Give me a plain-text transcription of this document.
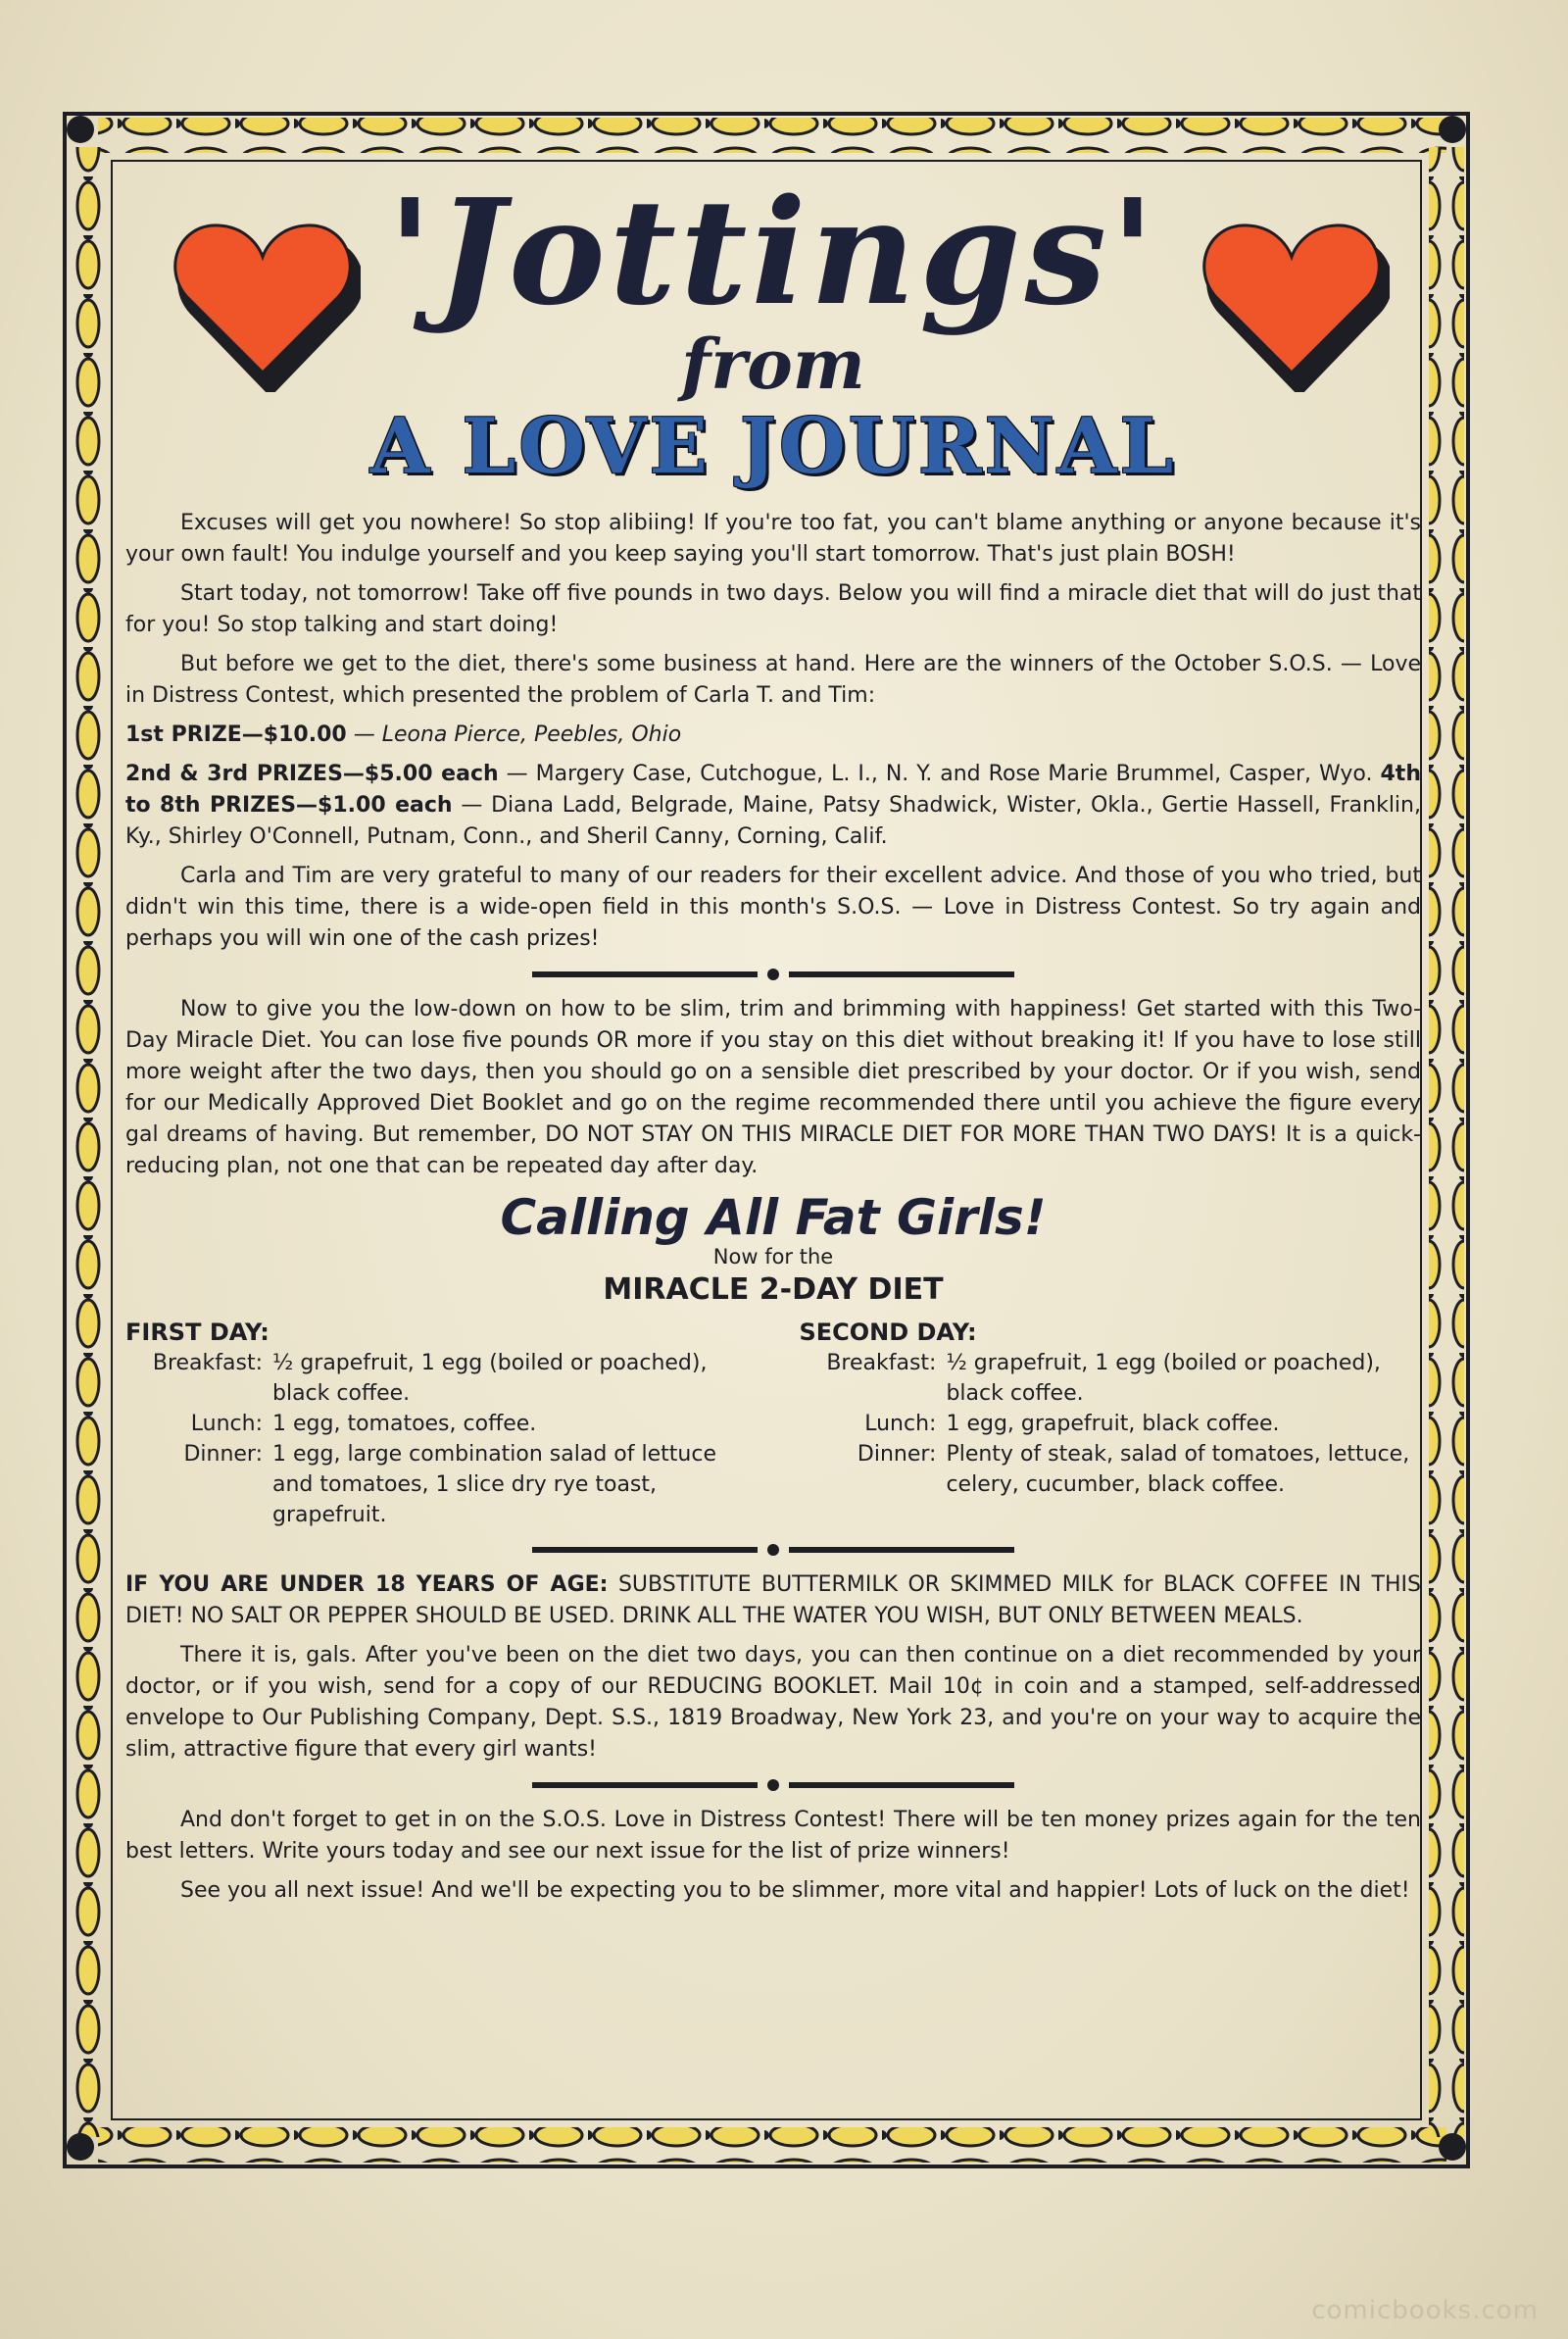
'Jottings'
from
A LOVE JOURNAL

Excuses will get you nowhere! So stop alibiing! If you're too fat, you can't blame anything or anyone because it's your own fault! You indulge yourself and you keep saying you'll start tomorrow. That's just plain BOSH!

Start today, not tomorrow! Take off five pounds in two days. Below you will find a miracle diet that will do just that for you! So stop talking and start doing!

But before we get to the diet, there's some business at hand. Here are the winners of the October S.O.S. — Love in Distress Contest, which presented the problem of Carla T. and Tim:

1st PRIZE—$10.00 — Leona Pierce, Peebles, Ohio

2nd & 3rd PRIZES—$5.00 each — Margery Case, Cutchogue, L. I., N. Y. and Rose Marie Brummel, Casper, Wyo. 4th to 8th PRIZES—$1.00 each — Diana Ladd, Belgrade, Maine, Patsy Shadwick, Wister, Okla., Gertie Hassell, Franklin, Ky., Shirley O'Connell, Putnam, Conn., and Sheril Canny, Corning, Calif.

Carla and Tim are very grateful to many of our readers for their excellent advice. And those of you who tried, but didn't win this time, there is a wide-open field in this month's S.O.S. — Love in Distress Contest. So try again and perhaps you will win one of the cash prizes!

Now to give you the low-down on how to be slim, trim and brimming with happiness! Get started with this Two-Day Miracle Diet. You can lose five pounds OR more if you stay on this diet without breaking it! If you have to lose still more weight after the two days, then you should go on a sensible diet prescribed by your doctor. Or if you wish, send for our Medically Approved Diet Booklet and go on the regime recommended there until you achieve the figure every gal dreams of having. But remember, DO NOT STAY ON THIS MIRACLE DIET FOR MORE THAN TWO DAYS! It is a quick-reducing plan, not one that can be repeated day after day.

Calling All Fat Girls!
Now for the
MIRACLE 2-DAY DIET
FIRST DAY:
Breakfast:	½ grapefruit, 1 egg (boiled or poached), black coffee.
Lunch:	1 egg, tomatoes, coffee.
Dinner:	1 egg, large combination salad of lettuce and tomatoes, 1 slice dry rye toast, grapefruit.
SECOND DAY:
Breakfast:	½ grapefruit, 1 egg (boiled or poached), black coffee.
Lunch:	1 egg, grapefruit, black coffee.
Dinner:	Plenty of steak, salad of tomatoes, lettuce, celery, cucumber, black coffee.

IF YOU ARE UNDER 18 YEARS OF AGE: SUBSTITUTE BUTTERMILK OR SKIMMED MILK for BLACK COFFEE IN THIS DIET! NO SALT OR PEPPER SHOULD BE USED. DRINK ALL THE WATER YOU WISH, BUT ONLY BETWEEN MEALS.

There it is, gals. After you've been on the diet two days, you can then continue on a diet recommended by your doctor, or if you wish, send for a copy of our REDUCING BOOKLET. Mail 10¢ in coin and a stamped, self-addressed envelope to Our Publishing Company, Dept. S.S., 1819 Broadway, New York 23, and you're on your way to acquire the slim, attractive figure that every girl wants!

And don't forget to get in on the S.O.S. Love in Distress Contest! There will be ten money prizes again for the ten best letters. Write yours today and see our next issue for the list of prize winners!

See you all next issue! And we'll be expecting you to be slimmer, more vital and happier! Lots of luck on the diet!

comicbooks.com
